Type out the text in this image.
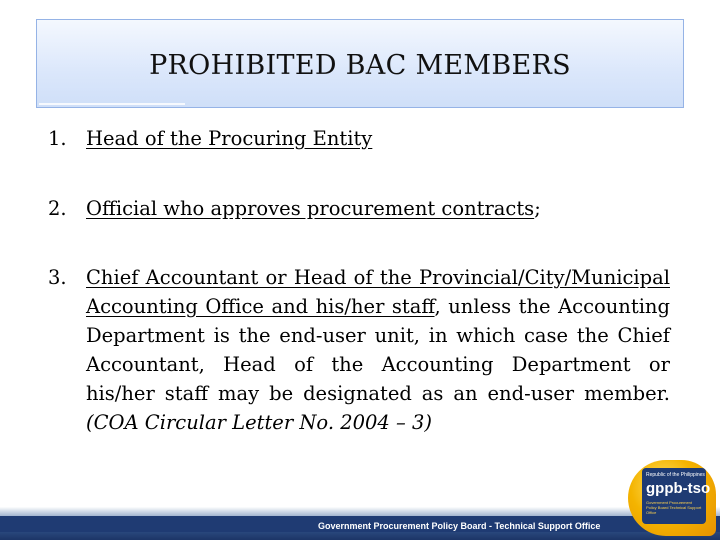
PROHIBITED BAC MEMBERS
1. Head of the Procuring Entity
2. Official who approves procurement contracts;
3. Chief Accountant or Head of the Provincial/City/Municipal Accounting Office and his/her staff, unless the Accounting Department is the end-user unit, in which case the Chief Accountant, Head of the Accounting Department or his/her staff may be designated as an end-user member. (COA Circular Letter No. 2004 – 3)
Government Procurement Policy Board - Technical Support Office
Republic of the Philippines
gppb-tso
Government Procurement Policy Board Technical Support Office
